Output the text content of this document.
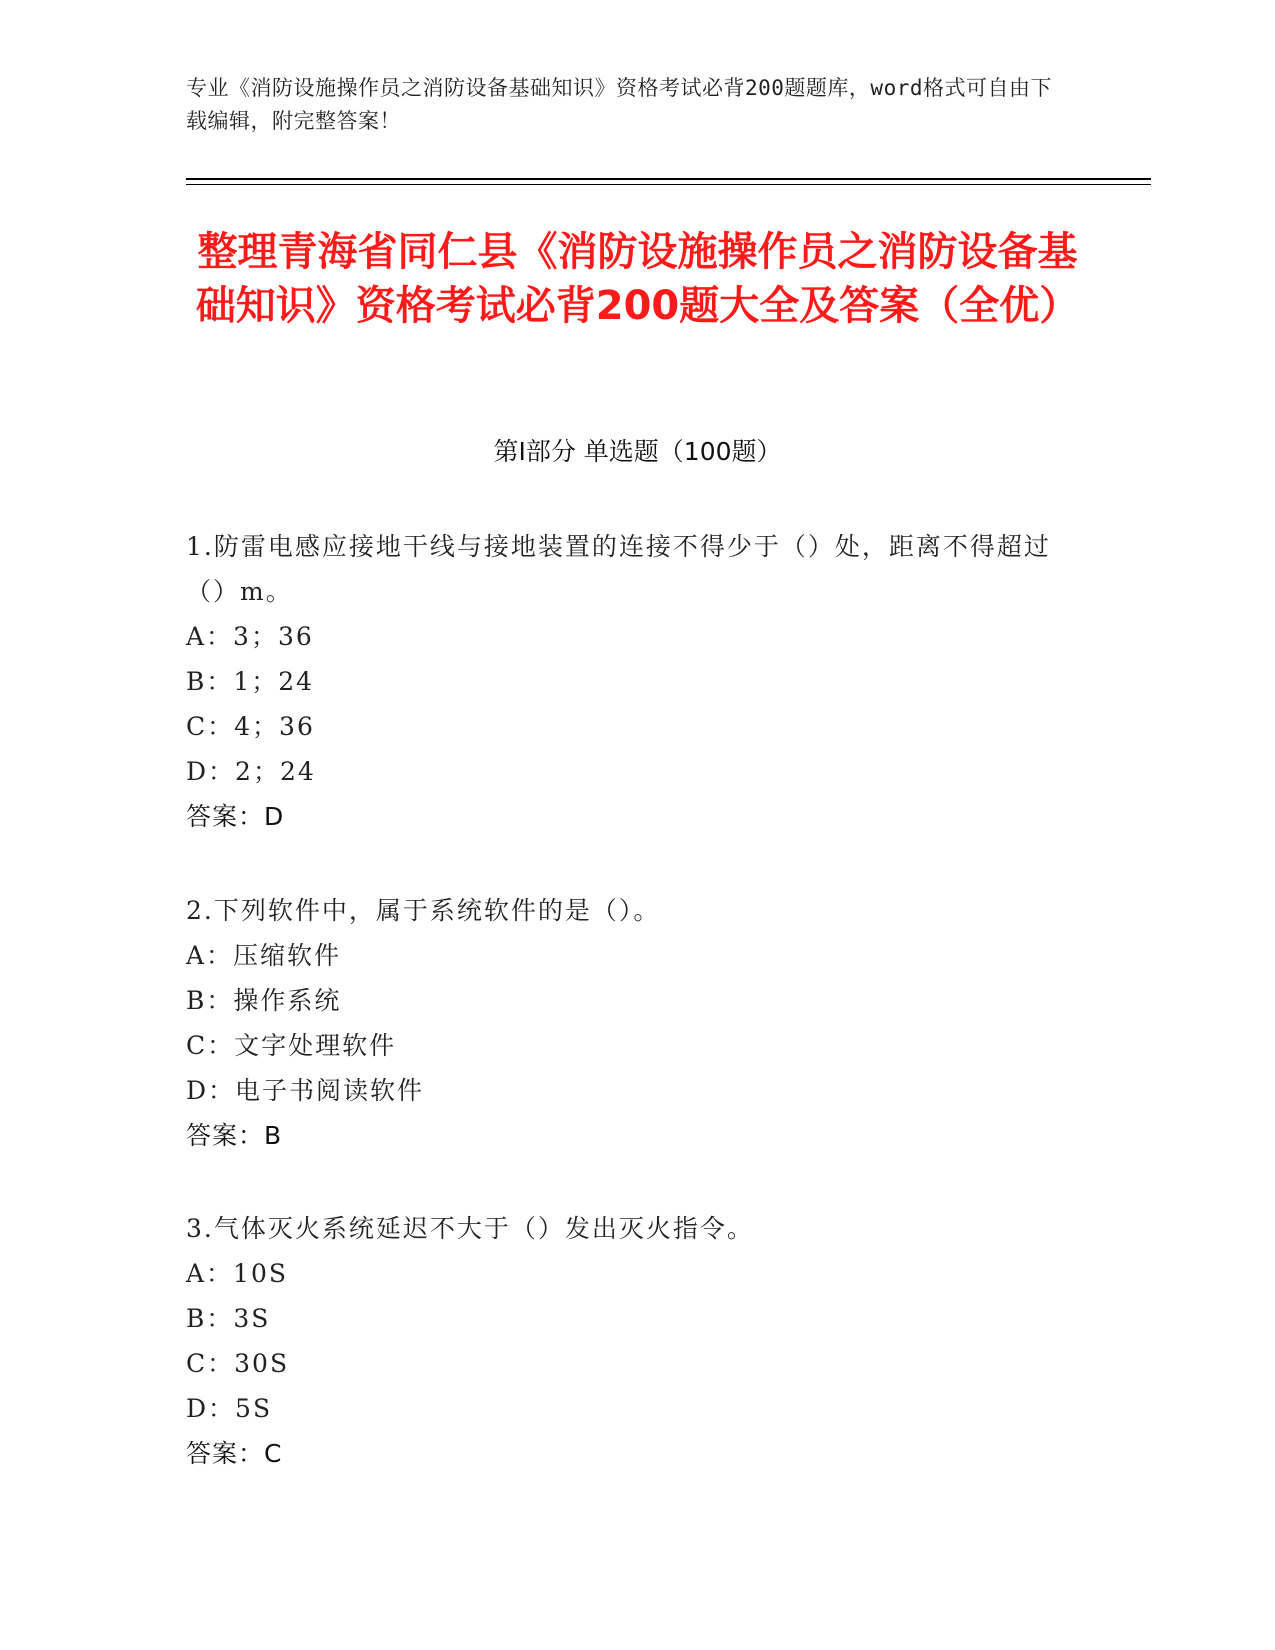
专业《消防设施操作员之消防设备基础知识》资格考试必背200题题库，word格式可自由下载编辑，附完整答案！
整理青海省同仁县《消防设施操作员之消防设备基础知识》资格考试必背200题大全及答案（全优）
第I部分 单选题（100题）

1.防雷电感应接地干线与接地装置的连接不得少于（）处，距离不得超过（）m。

A：3；36

B：1；24

C：4；36

D：2；24

答案：D

2.下列软件中，属于系统软件的是（）。

A：压缩软件

B：操作系统

C：文字处理软件

D：电子书阅读软件

答案：B

3.气体灭火系统延迟不大于（）发出灭火指令。

A：10S

B：3S

C：30S

D：5S

答案：C
